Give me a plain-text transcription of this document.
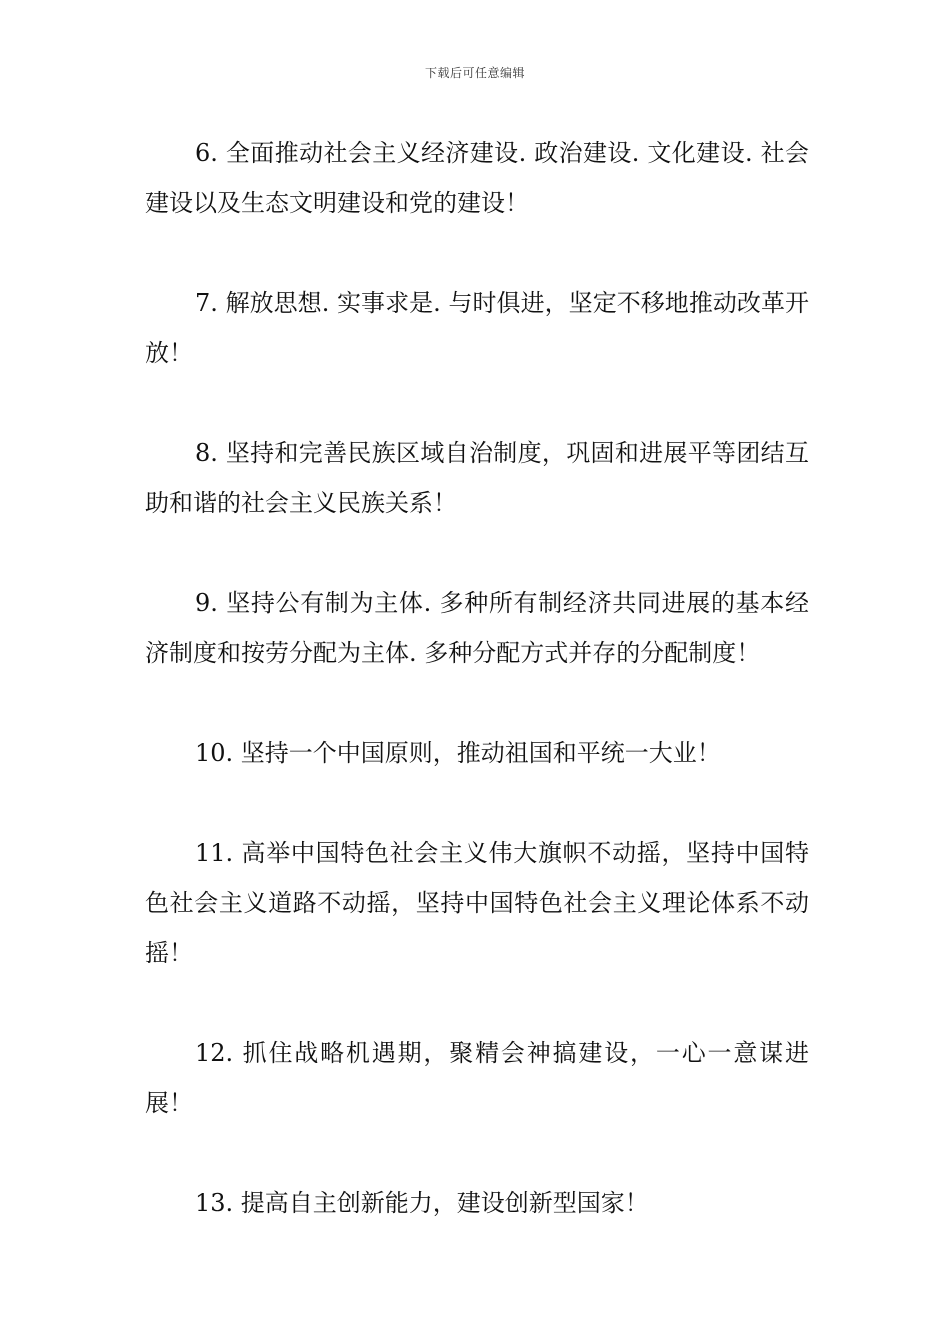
下载后可任意编辑

6. 全面推动社会主义经济建设. 政治建设. 文化建设. 社会建设以及生态文明建设和党的建设！

7. 解放思想. 实事求是. 与时俱进，坚定不移地推动改革开放！

8. 坚持和完善民族区域自治制度，巩固和进展平等团结互助和谐的社会主义民族关系！

9. 坚持公有制为主体. 多种所有制经济共同进展的基本经济制度和按劳分配为主体. 多种分配方式并存的分配制度！

10. 坚持一个中国原则，推动祖国和平统一大业！

11. 高举中国特色社会主义伟大旗帜不动摇，坚持中国特色社会主义道路不动摇，坚持中国特色社会主义理论体系不动摇！

12. 抓住战略机遇期，聚精会神搞建设，一心一意谋进展！

13. 提高自主创新能力，建设创新型国家！
